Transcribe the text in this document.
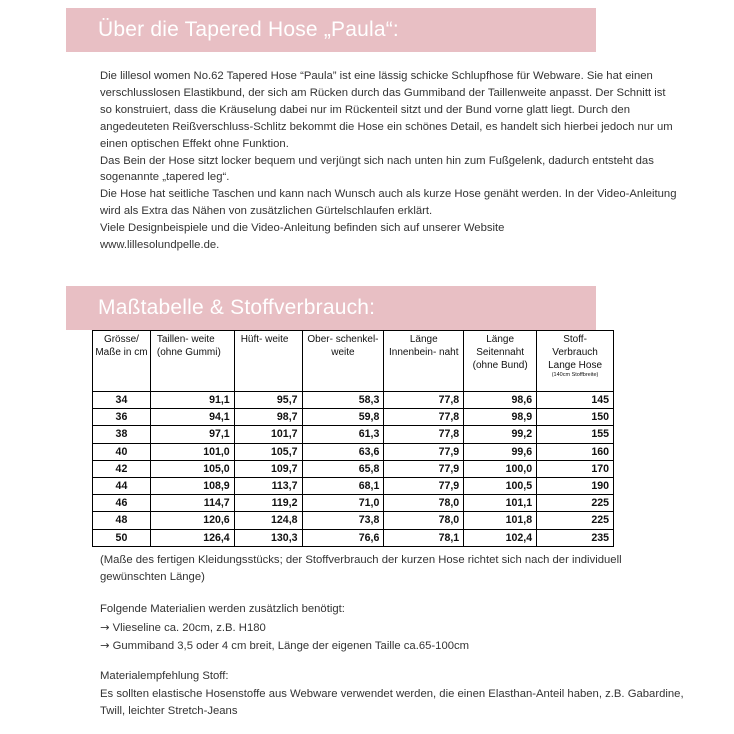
Über die Tapered Hose „Paula“:

Die lillesol women No.62 Tapered Hose “Paula” ist eine lässig schicke Schlupfhose für Webware. Sie hat einen verschlusslosen Elastikbund, der sich am Rücken durch das Gummiband der Taillenweite anpasst. Der Schnitt ist so konstruiert, dass die Kräuselung dabei nur im Rückenteil sitzt und der Bund vorne glatt liegt. Durch den angedeuteten Reißverschluss-Schlitz bekommt die Hose ein schönes Detail, es handelt sich hierbei jedoch nur um einen optischen Effekt ohne Funktion.

Das Bein der Hose sitzt locker bequem und verjüngt sich nach unten hin zum Fußgelenk, dadurch entsteht das sogenannte „tapered leg“.

Die Hose hat seitliche Taschen und kann nach Wunsch auch als kurze Hose genäht werden. In der Video-Anleitung wird als Extra das Nähen von zusätzlichen Gürtelschlaufen erklärt.

Viele Designbeispiele und die Video-Anleitung befinden sich auf unserer Website

www.lillesolundpelle.de.

Maßtabelle & Stoffverbrauch:
Grösse/ Maße in cm	Taillen- weite (ohne Gummi)	Hüft- weite	Ober- schenkel- weite	Länge Innenbein- naht	Länge Seitennaht (ohne Bund)	Stoff- Verbrauch Lange Hose
(140cm Stoffbreite)

34	91,1	95,7	58,3	77,8	98,6	145
36	94,1	98,7	59,8	77,8	98,9	150
38	97,1	101,7	61,3	77,8	99,2	155
40	101,0	105,7	63,6	77,9	99,6	160
42	105,0	109,7	65,8	77,9	100,0	170
44	108,9	113,7	68,1	77,9	100,5	190
46	114,7	119,2	71,0	78,0	101,1	225
48	120,6	124,8	73,8	78,0	101,8	225
50	126,4	130,3	76,6	78,1	102,4	235
(Maße des fertigen Kleidungsstücks; der Stoffverbrauch der kurzen Hose richtet sich nach der individuell gewünschten Länge)

Folgende Materialien werden zusätzlich benötigt:

→ Vlieseline ca. 20cm, z.B. H180

→ Gummiband 3,5 oder 4 cm breit, Länge der eigenen Taille ca.65-100cm

Materialempfehlung Stoff:

Es sollten elastische Hosenstoffe aus Webware verwendet werden, die einen Elasthan-Anteil haben, z.B. Gabardine, Twill, leichter Stretch-Jeans
